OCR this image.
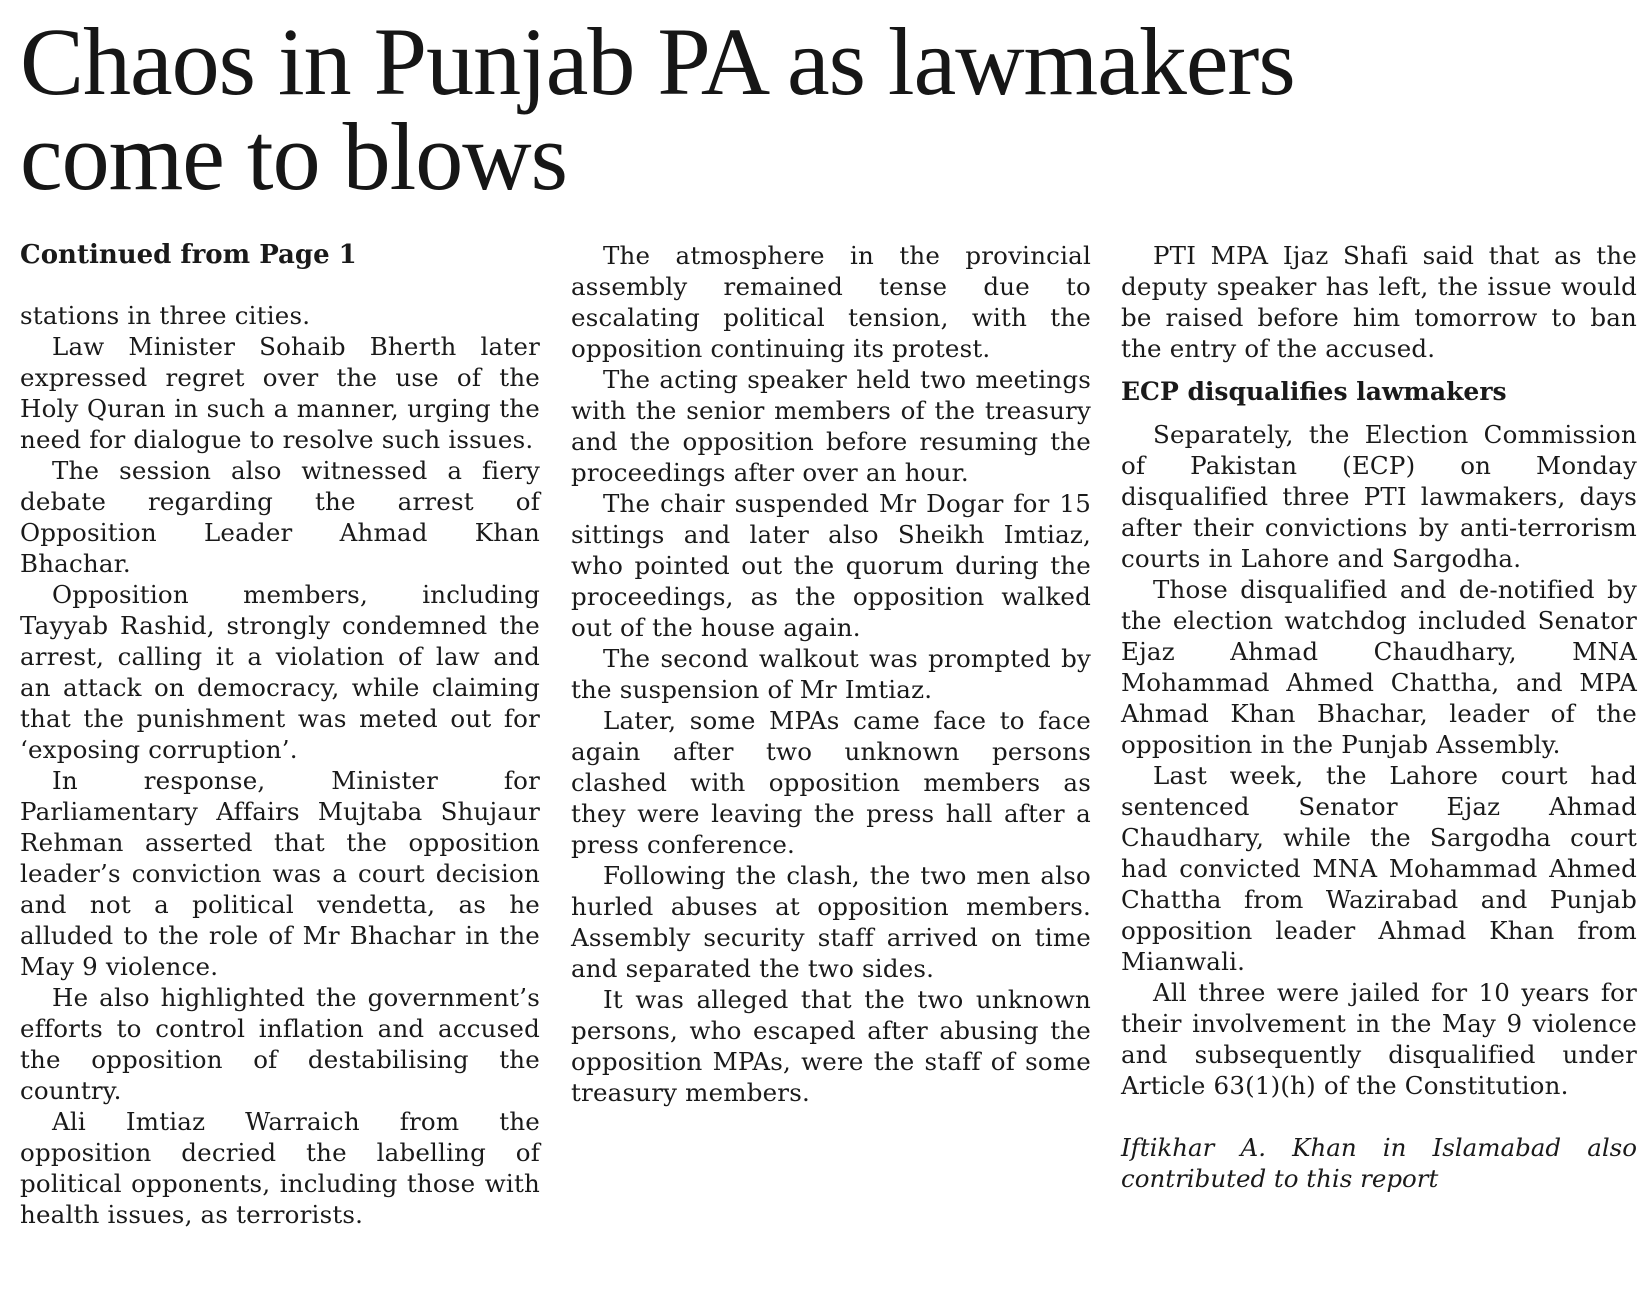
Chaos in Punjab PA as lawmakers
come to blows
Continued from Page 1

stations in three cities.

Law Minister Sohaib Bherth later expressed regret over the use of the Holy Quran in such a manner, urging the need for dialogue to resolve such issues.

The session also witnessed a fiery debate regarding the arrest of Opposition Leader Ahmad Khan Bhachar.

Opposition members, including Tayyab Rashid, strongly condemned the arrest, calling it a violation of law and an attack on democracy, while claiming that the punishment was meted out for ‘exposing corruption’.

In response, Minister for Parliamentary Affairs Mujtaba Shujaur Rehman asserted that the opposition leader’s conviction was a court decision and not a political vendetta, as he alluded to the role of Mr Bhachar in the May 9 violence.

He also highlighted the government’s efforts to control inflation and accused the opposition of destabilising the country.

Ali Imtiaz Warraich from the opposition decried the labelling of political opponents, including those with health issues, as terrorists.

The atmosphere in the provincial assembly remained tense due to escalating political tension, with the opposition continuing its protest.

The acting speaker held two meetings with the senior members of the treasury and the opposition before resuming the proceedings after over an hour.

The chair suspended Mr Dogar for 15 sittings and later also Sheikh Imtiaz, who pointed out the quorum during the proceedings, as the opposition walked out of the house again.

The second walkout was prompted by the suspension of Mr Imtiaz.

Later, some MPAs came face to face again after two unknown persons clashed with opposition members as they were leaving the press hall after a press conference.

Following the clash, the two men also hurled abuses at opposition members. Assembly security staff arrived on time and separated the two sides.

It was alleged that the two unknown persons, who escaped after abusing the opposition MPAs, were the staff of some treasury members.

PTI MPA Ijaz Shafi said that as the deputy speaker has left, the issue would be raised before him tomorrow to ban the entry of the accused.

ECP disqualifies lawmakers

Separately, the Election Commission of Pakistan (ECP) on Monday disqualified three PTI lawmakers, days after their convictions by anti-terrorism courts in Lahore and Sargodha.

Those disqualified and de-notified by the election watchdog included Senator Ejaz Ahmad Chaudhary, MNA Mohammad Ahmed Chattha, and MPA Ahmad Khan Bhachar, leader of the opposition in the Punjab Assembly.

Last week, the Lahore court had sentenced Senator Ejaz Ahmad Chaudhary, while the Sargodha court had convicted MNA Mohammad Ahmed Chattha from Wazirabad and Punjab opposition leader Ahmad Khan from Mianwali.

All three were jailed for 10 years for their involvement in the May 9 violence and subsequently disqualified under Article 63(1)(h) of the Constitution.

Iftikhar A. Khan in Islamabad also contributed to this report
